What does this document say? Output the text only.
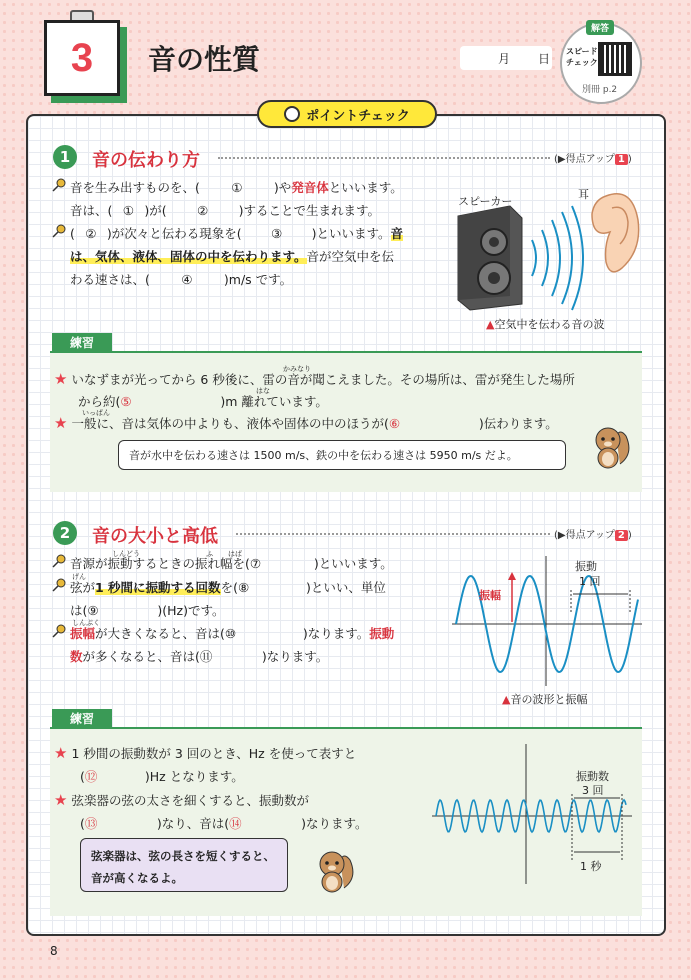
3 音の性質	月 日
解答
スピード
チェック
別冊 p.2
ポイントチェック
1	音の伝わり方	(▶得点アップ 1 )
音を生み出すものを、(	①	)や発音体といいます。
音は、( ① )が( ② )することで生まれます。
( ② )が次々と伝わる現象を( ③ )といいます。音
は、気体、液体、固体の中を伝わります。音が空気中を伝
わる速さは、(	④	)m/s です。
スピーカー
耳
▲空気中を伝わる音の波
練習
かみなり
★ いなずまが光ってから 6 秒後に、雷の音が聞こえました。その場所は、雷が発生した場所
はな
から約(⑤	)m 離れています。
いっぱん
★ 一般に、音は気体の中よりも、液体や固体の中のほうが(⑥	)伝わります。
音が水中を伝わる速さは 1500 m/s、鉄の中を伝わる速さは 5950 m/s だよ。
2	音の大小と高低	(▶得点アップ 2 )
しんどう	ふ はば
音源が振動するときの振れ幅を(⑦	)といいます。
げん
弦が1 秒間に振動する回数を(⑧	)といい、単位
は(⑨	)(Hz)です。
しんぷく
振幅が大きくなると、音は(⑩	)なります。振動
数が多くなると、音は(⑪	)なります。
振幅
振動
1 回
▲音の波形と振幅
練習
★ 1 秒間の振動数が 3 回のとき、Hz を使って表すと
(⑫	)Hz となります。
★ 弦楽器の弦の太さを細くすると、振動数が
(⑬	)なり、音は(⑭	)なります。
弦楽器は、弦の長さを短くすると、
音が高くなるよ。
振動数
3 回
1 秒
8
